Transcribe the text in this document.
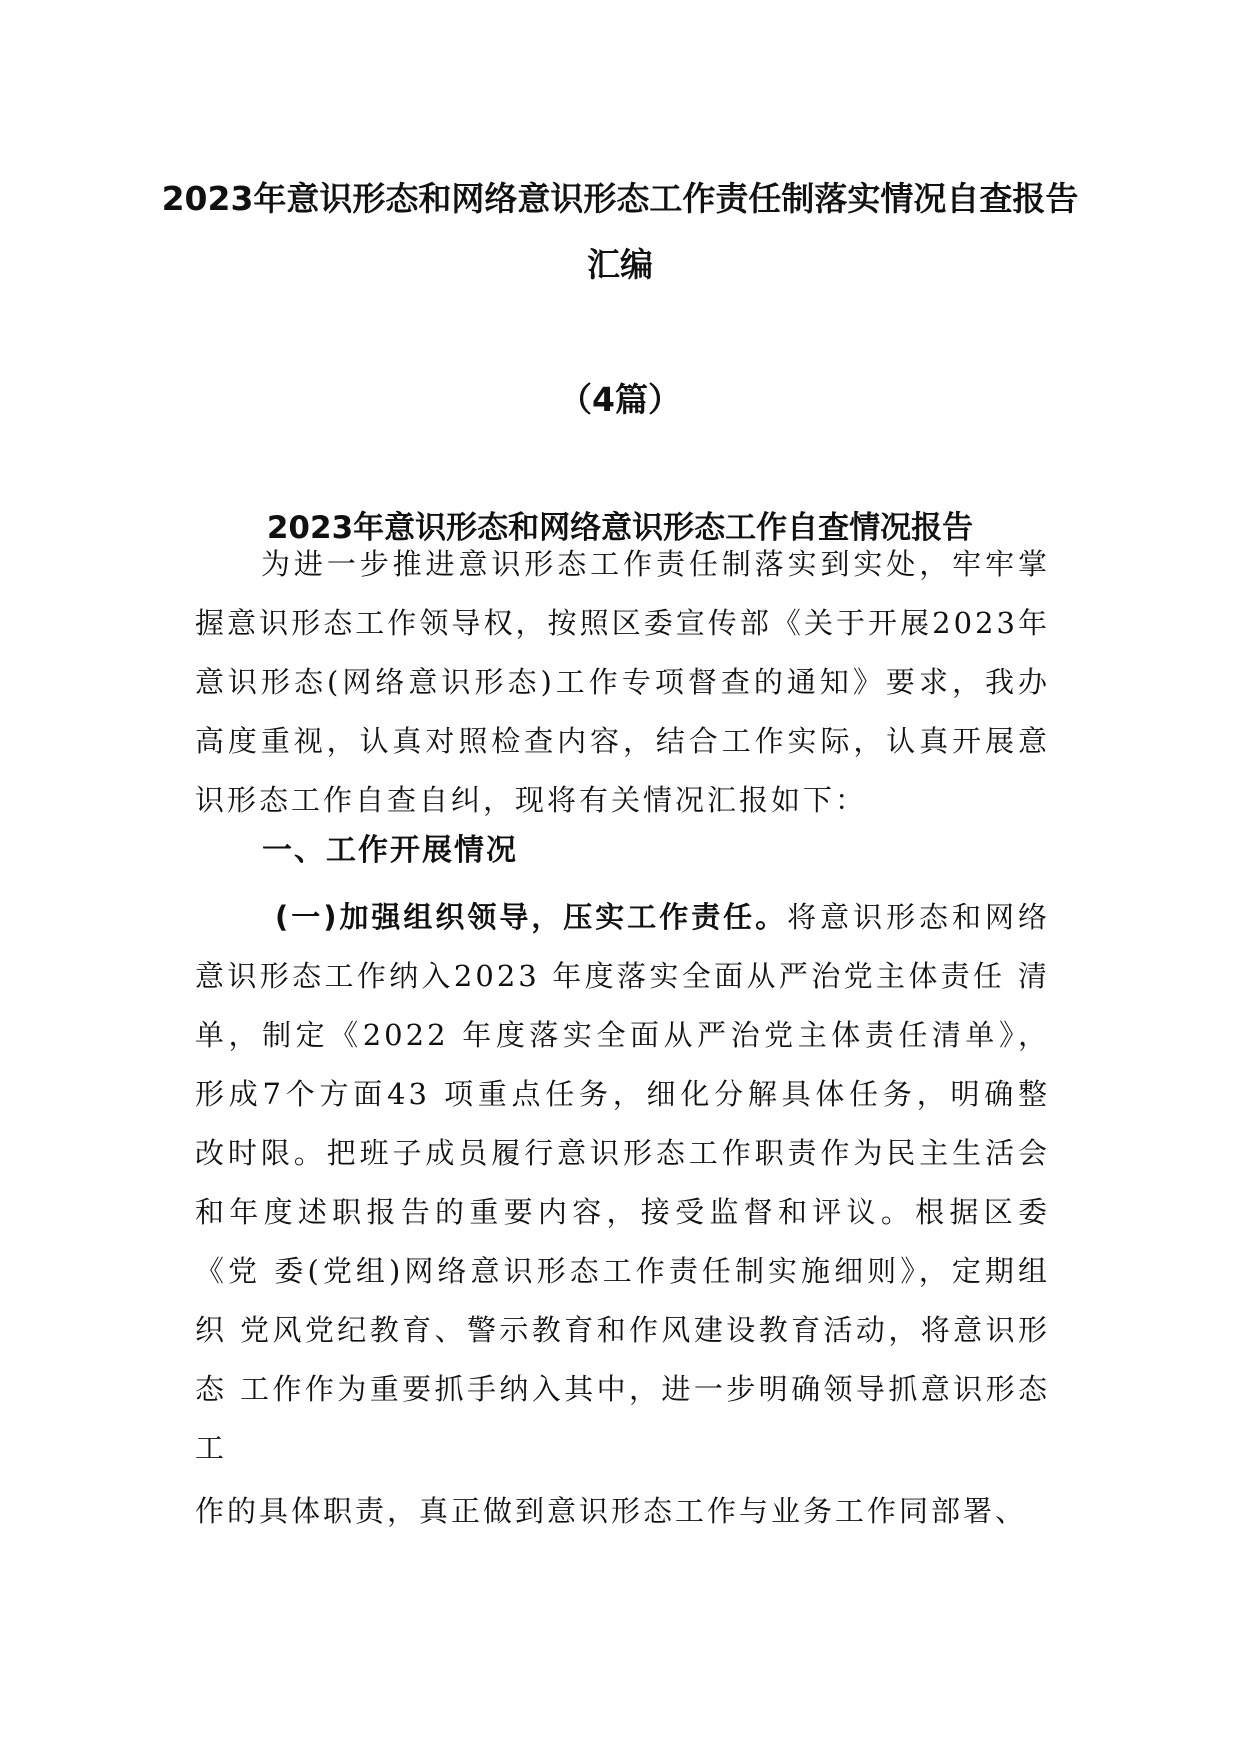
2023年意识形态和网络意识形态工作责任制落实情况自查报告汇编
（4篇）
2023年意识形态和网络意识形态工作自查情况报告

为进一步推进意识形态工作责任制落实到实处，牢牢掌握意识形态工作领导权，按照区委宣传部《关于开展2023年意识形态(网络意识形态)工作专项督查的通知》要求，我办高度重视，认真对照检查内容，结合工作实际，认真开展意识形态工作自查自纠，现将有关情况汇报如下：

一、工作开展情况

(一)加强组织领导，压实工作责任。将意识形态和网络意识形态工作纳入2023 年度落实全面从严治党主体责任 清单，制定《2022 年度落实全面从严治党主体责任清单》， 形成7个方面43 项重点任务，细化分解具体任务，明确整 改时限。把班子成员履行意识形态工作职责作为民主生活会 和年度述职报告的重要内容，接受监督和评议。根据区委《党 委(党组)网络意识形态工作责任制实施细则》，定期组织 党风党纪教育、警示教育和作风建设教育活动，将意识形态 工作作为重要抓手纳入其中，进一步明确领导抓意识形态工

作的具体职责，真正做到意识形态工作与业务工作同部署、
